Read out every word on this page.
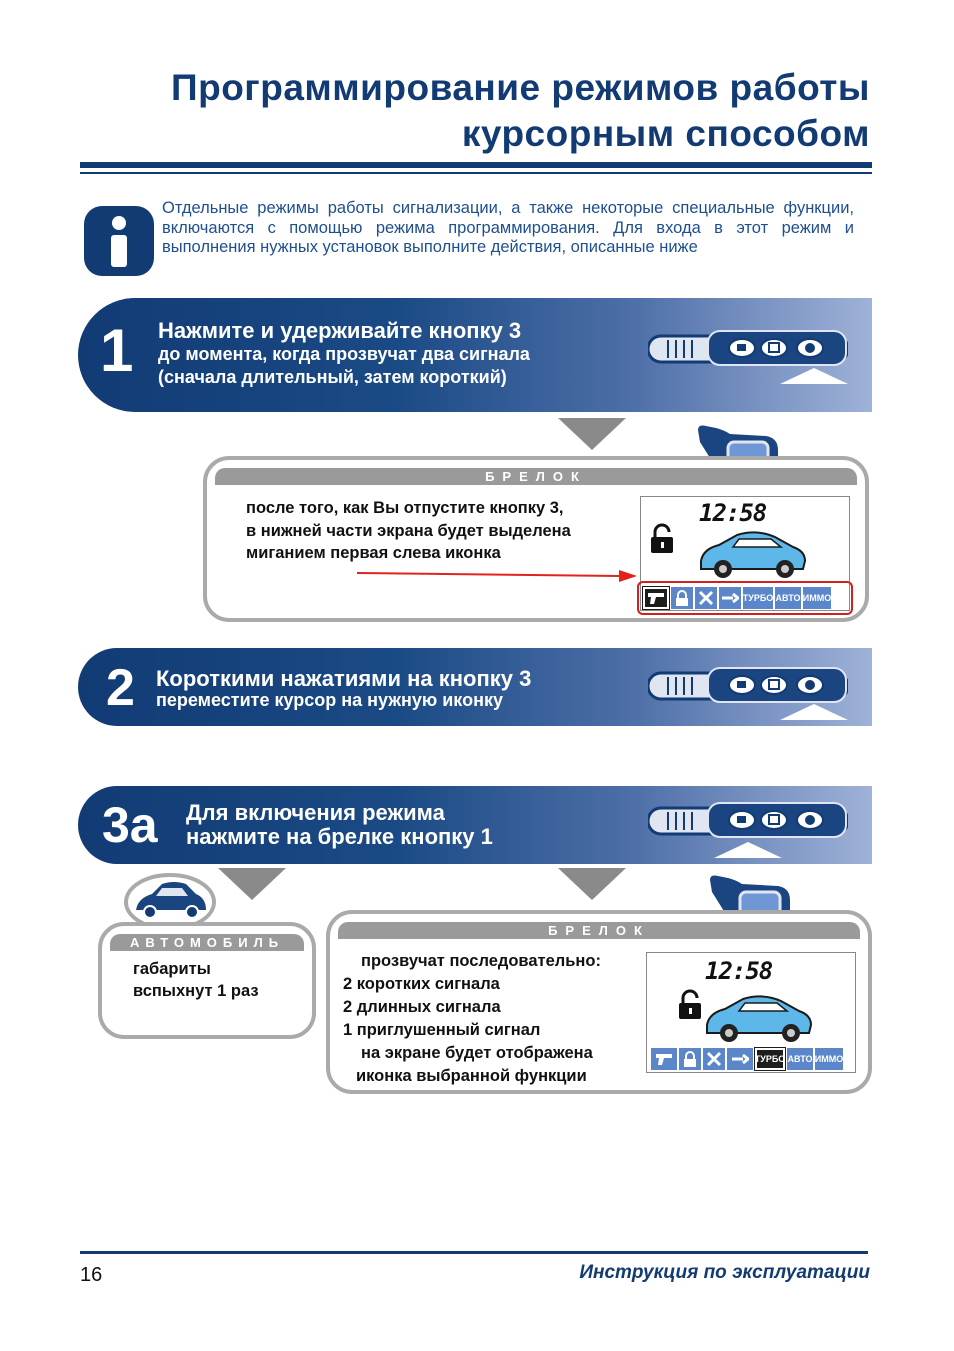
Программирование режимов работы
курсорным способом
Отдельные режимы работы сигнализации, а также некоторые специальные функции, включаются с помощью режима программирования. Для входа в этот режим и выполнения нужных установок выполните действия, описанные ниже
1 Нажмите и удерживайте кнопку 3
до момента, когда прозвучат два сигнала
(сначала длительный, затем короткий)
БРЕЛОК
после того, как Вы отпустите кнопку 3,
в нижней части экрана будет выделена
миганием первая слева иконка
12:58
ТУРБО АВТО ИММО
2 Короткими нажатиями на кнопку 3
переместите курсор на нужную иконку
3а Для включения режима
нажмите на брелке кнопку 1
АВТОМОБИЛЬ
габариты
вспыхнут 1 раз
БРЕЛОК
прозвучат последовательно:
2 коротких сигнала
2 длинных сигнала
1 приглушенный сигнал
на экране будет отображена
иконка выбранной функции
12:58
ТУРБО АВТО ИММО
16	Инструкция по эксплуатации
